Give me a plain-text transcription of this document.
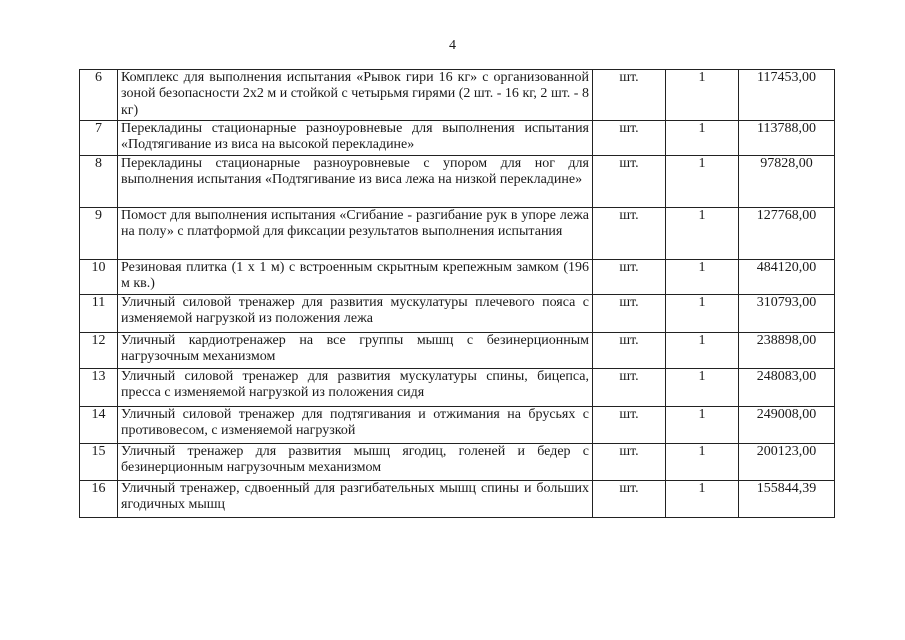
4
6	Комплекс для выполнения испытания «Рывок гири 16 кг» с организованной зоной безопасности 2х2 м и стойкой с четырьмя гирями (2 шт. - 16 кг, 2 шт. - 8 кг)	шт.	1	117453,00
7	Перекладины стационарные разноуровневые для выполнения испытания «Подтягивание из виса на высокой перекладине»	шт.	1	113788,00
8	Перекладины стационарные разноуровневые с упором для ног для выполнения испытания «Подтягивание из виса лежа на низкой перекладине»	шт.	1	97828,00
9	Помост для выполнения испытания «Сгибание - разгибание рук в упоре лежа на полу» с платформой для фиксации результатов выполнения испытания	шт.	1	127768,00
10	Резиновая плитка (1 х 1 м) с встроенным скрытным крепежным замком (196 м кв.)	шт.	1	484120,00
11	Уличный силовой тренажер для развития мускулатуры плечевого пояса с изменяемой нагрузкой из положения лежа	шт.	1	310793,00
12	Уличный кардиотренажер на все группы мышц с безинерционным нагрузочным механизмом	шт.	1	238898,00
13	Уличный силовой тренажер для развития мускулатуры спины, бицепса, пресса с изменяемой нагрузкой из положения сидя	шт.	1	248083,00
14	Уличный силовой тренажер для подтягивания и отжимания на брусьях с противовесом, с изменяемой нагрузкой	шт.	1	249008,00
15	Уличный тренажер для развития мышц ягодиц, голеней и бедер с безинерционным нагрузочным механизмом	шт.	1	200123,00
16	Уличный тренажер, сдвоенный для разгибательных мышц спины и больших ягодичных мышц	шт.	1	155844,39
